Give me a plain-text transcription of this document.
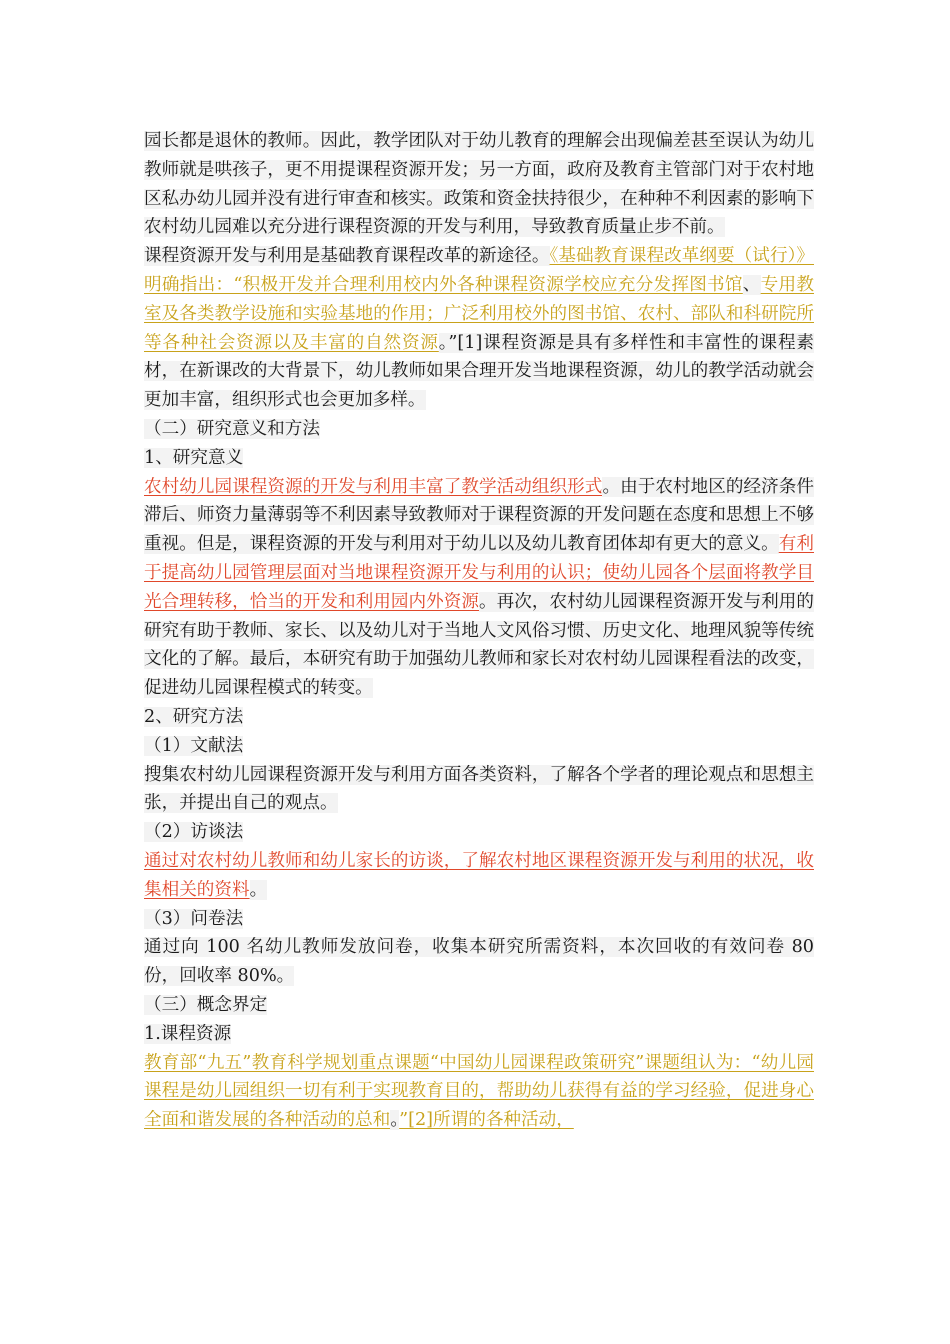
园长都是退休的教师。因此，教学团队对于幼儿教育的理解会出现偏差甚至误认为幼儿教师就是哄孩子，更不用提课程资源开发；另一方面，政府及教育主管部门对于农村地区私办幼儿园并没有进行审查和核实。政策和资金扶持很少，在种种不利因素的影响下农村幼儿园难以充分进行课程资源的开发与利用，导致教育质量止步不前。

课程资源开发与利用是基础教育课程改革的新途径。《基础教育课程改革纲要（试行）》明确指出：“积极开发并合理利用校内外各种课程资源学校应充分发挥图书馆、专用教室及各类教学设施和实验基地的作用；广泛利用校外的图书馆、农村、部队和科研院所等各种社会资源以及丰富的自然资源。”[1]课程资源是具有多样性和丰富性的课程素材，在新课改的大背景下，幼儿教师如果合理开发当地课程资源，幼儿的教学活动就会更加丰富，组织形式也会更加多样。

（二）研究意义和方法

1、研究意义

农村幼儿园课程资源的开发与利用丰富了教学活动组织形式。由于农村地区的经济条件滞后、师资力量薄弱等不利因素导致教师对于课程资源的开发问题在态度和思想上不够重视。但是，课程资源的开发与利用对于幼儿以及幼儿教育团体却有更大的意义。有利于提高幼儿园管理层面对当地课程资源开发与利用的认识；使幼儿园各个层面将教学目光合理转移，恰当的开发和利用园内外资源。再次，农村幼儿园课程资源开发与利用的研究有助于教师、家长、以及幼儿对于当地人文风俗习惯、历史文化、地理风貌等传统文化的了解。最后，本研究有助于加强幼儿教师和家长对农村幼儿园课程看法的改变，促进幼儿园课程模式的转变。

2、研究方法

（1）文献法

搜集农村幼儿园课程资源开发与利用方面各类资料，了解各个学者的理论观点和思想主张，并提出自己的观点。

（2）访谈法

通过对农村幼儿教师和幼儿家长的访谈，了解农村地区课程资源开发与利用的状况，收集相关的资料。

（3）问卷法

通过向 100 名幼儿教师发放问卷，收集本研究所需资料，本次回收的有效问卷 80 份，回收率 80%。

（三）概念界定

1.课程资源

教育部“九五”教育科学规划重点课题“中国幼儿园课程政策研究”课题组认为：“幼儿园课程是幼儿园组织一切有利于实现教育目的，帮助幼儿获得有益的学习经验，促进身心全面和谐发展的各种活动的总和。”[2]所谓的各种活动，
